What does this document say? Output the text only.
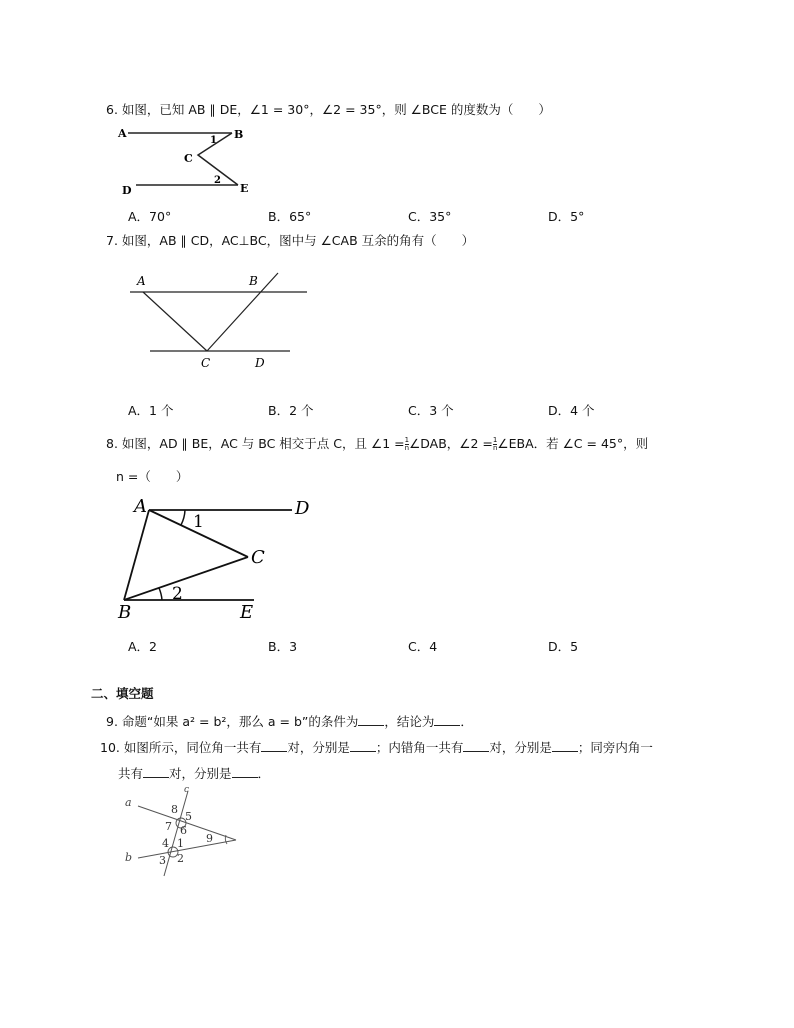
6. 如图，已知 AB ∥ DE，∠1 = 30°，∠2 = 35°，则 ∠BCE 的度数为（　　）
A	B
C
D	E
1
2
A．70°	B．65°	C．35°	D．5°
7. 如图，AB ∥ CD，AC⊥BC，图中与 ∠CAB 互余的角有（　　）
A	B
C	D
A．1 个	B．2 个	C．3 个	D．4 个
8. 如图，AD ∥ BE，AC 与 BC 相交于点 C，且 ∠1 = $\frac{1}{n}$ ∠DAB，∠2 = $\frac{1}{n}$ ∠EBA．若 ∠C = 45°，则
n =（　　）
A	D
1
C
2
B	E
A．2	B．3	C．4	D．5
二、填空题
9. 命题“如果 a² = b²，那么 a = b”的条件为 ，结论为 ．
10. 如图所示，同位角一共有 对，分别是 ；内错角一共有 对，分别是 ；同旁内角一
共有 对，分别是 ．
a
b
c
8
5
7 6
9
4 1
3 2
